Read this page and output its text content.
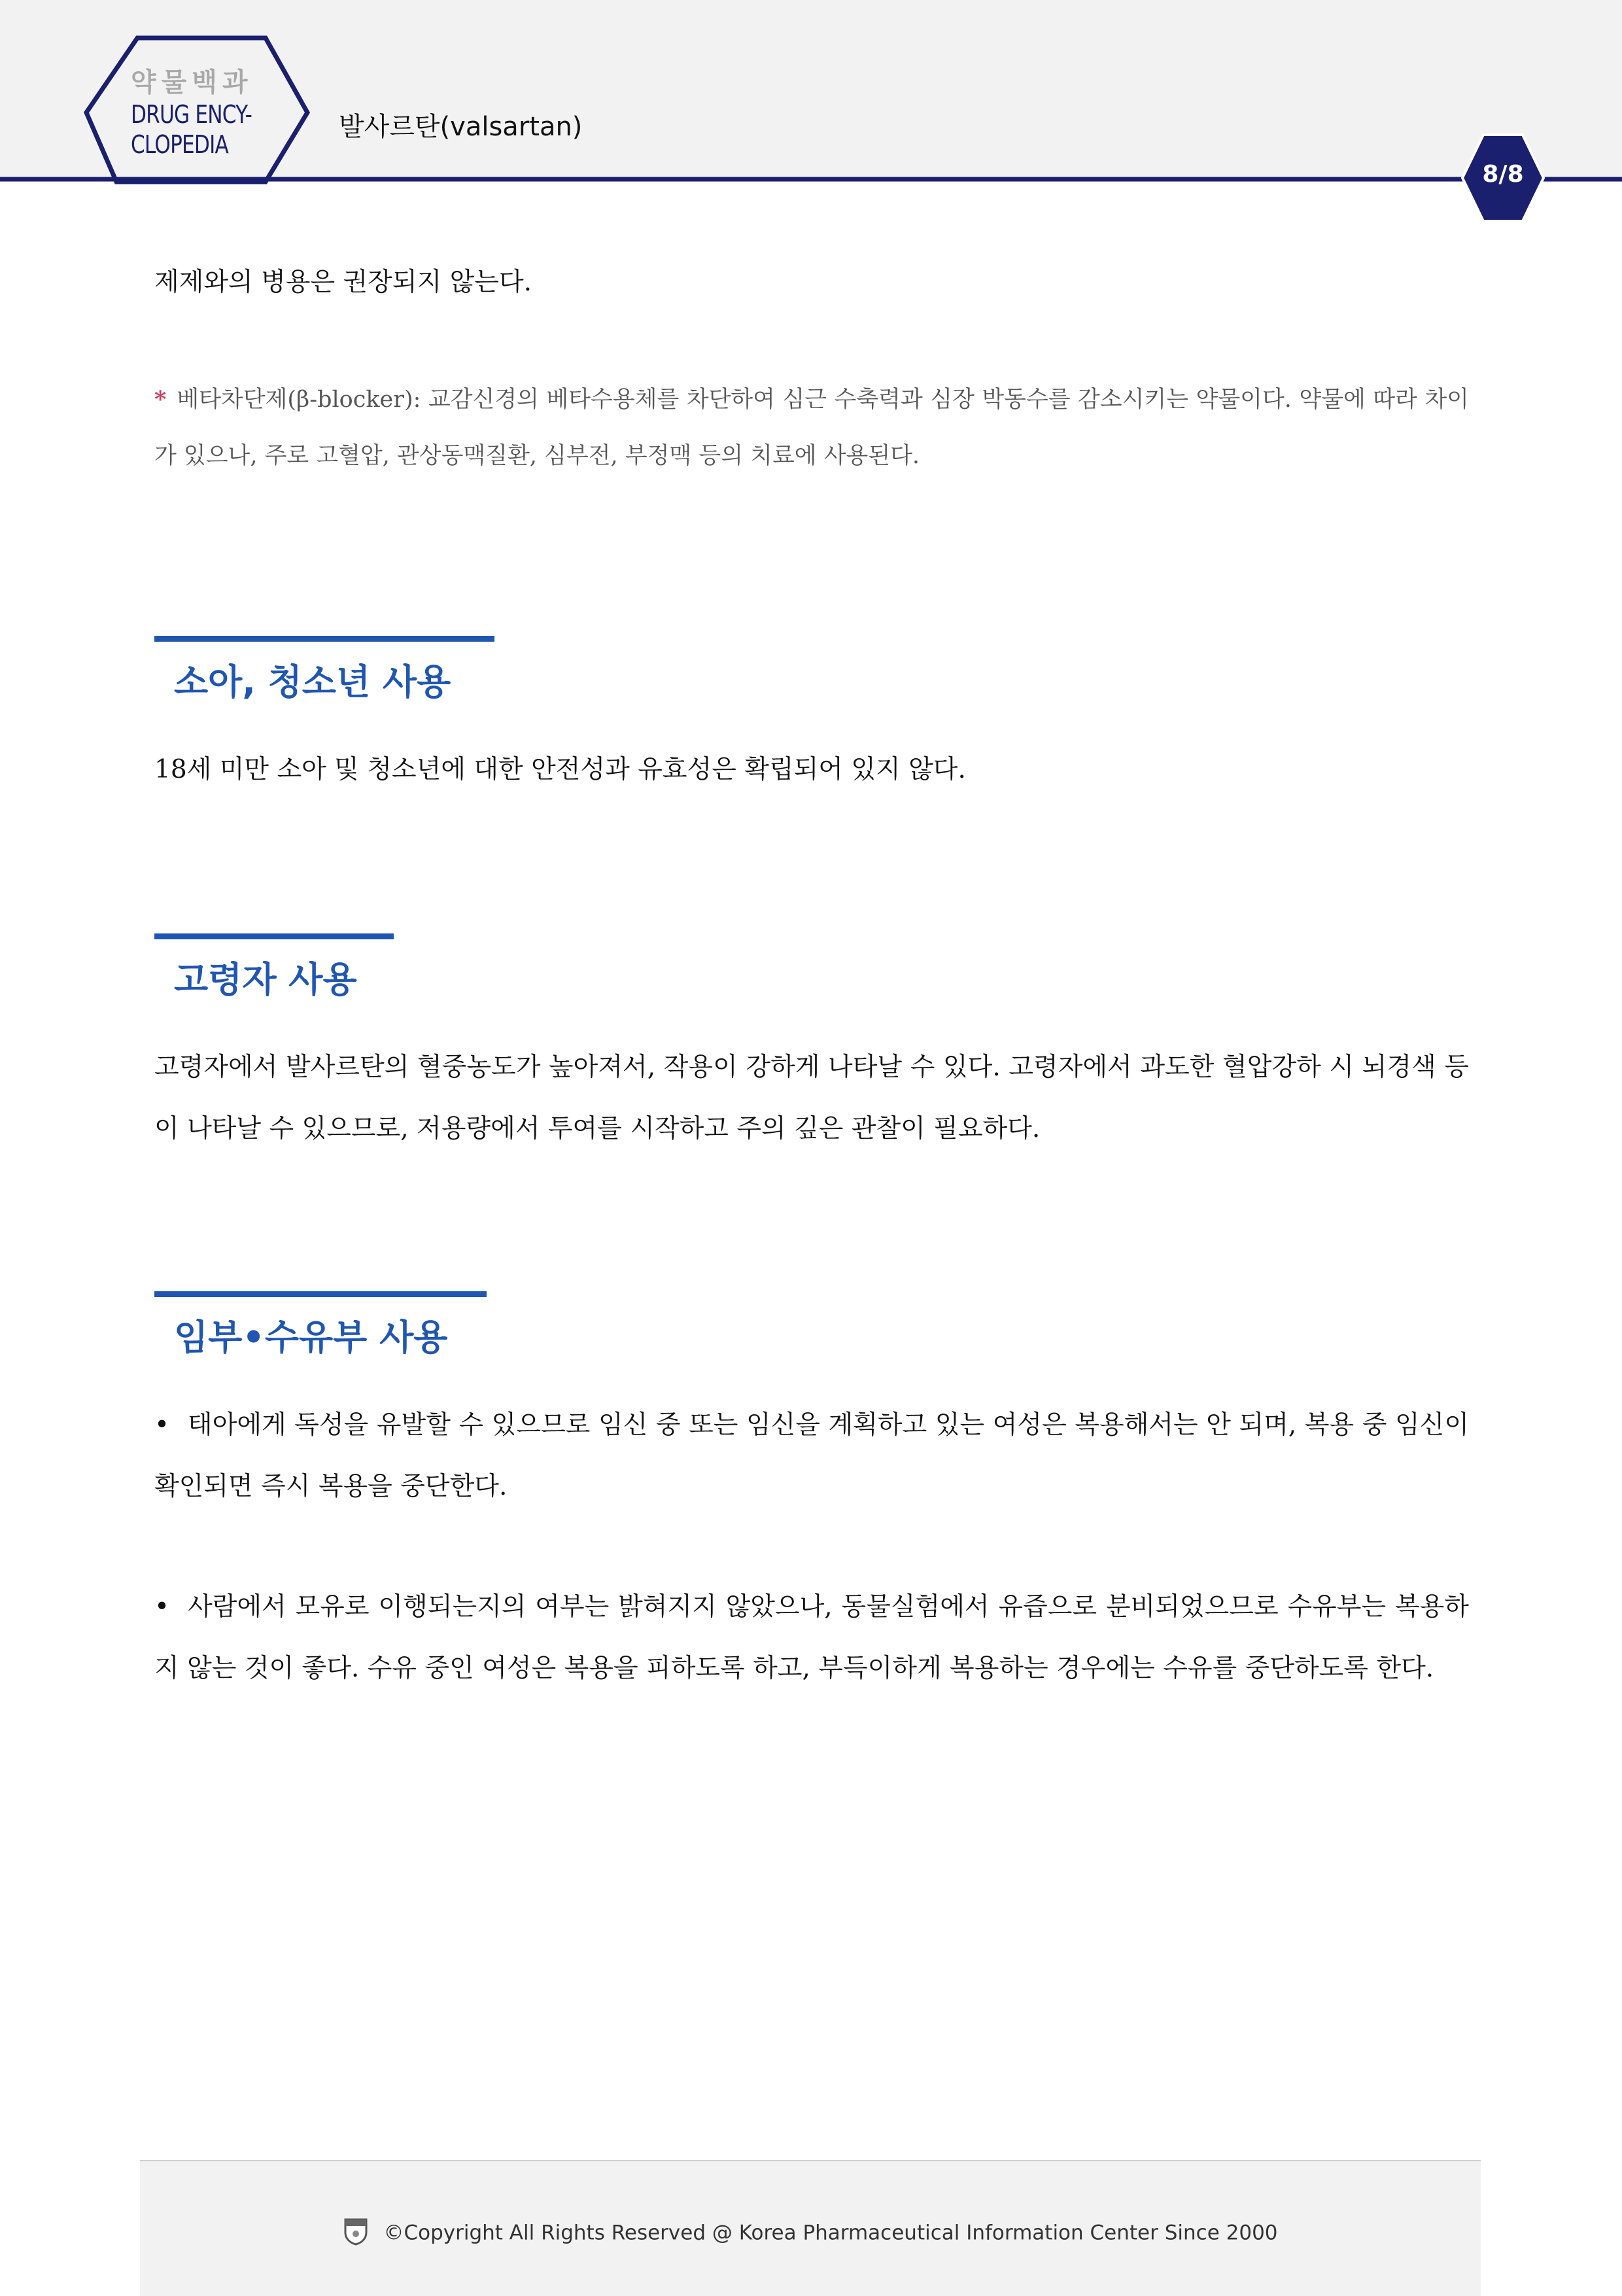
약물백과
DRUG ENCY-
CLOPEDIA
발사르탄(valsartan)
8/8
제제와의 병용은 권장되지 않는다.
* 베타차단제(β-blocker): 교감신경의 베타수용체를 차단하여 심근 수축력과 심장 박동수를 감소시키는 약물이다. 약물에 따라 차이가 있으나, 주로 고혈압, 관상동맥질환, 심부전, 부정맥 등의 치료에 사용된다.
소아, 청소년 사용
18세 미만 소아 및 청소년에 대한 안전성과 유효성은 확립되어 있지 않다.
고령자 사용
고령자에서 발사르탄의 혈중농도가 높아져서, 작용이 강하게 나타날 수 있다. 고령자에서 과도한 혈압강하 시 뇌경색 등이 나타날 수 있으므로, 저용량에서 투여를 시작하고 주의 깊은 관찰이 필요하다.
임부•수유부 사용
• 태아에게 독성을 유발할 수 있으므로 임신 중 또는 임신을 계획하고 있는 여성은 복용해서는 안 되며, 복용 중 임신이 확인되면 즉시 복용을 중단한다.
• 사람에서 모유로 이행되는지의 여부는 밝혀지지 않았으나, 동물실험에서 유즙으로 분비되었으므로 수유부는 복용하지 않는 것이 좋다. 수유 중인 여성은 복용을 피하도록 하고, 부득이하게 복용하는 경우에는 수유를 중단하도록 한다.
©Copyright All Rights Reserved @ Korea Pharmaceutical Information Center Since 2000
